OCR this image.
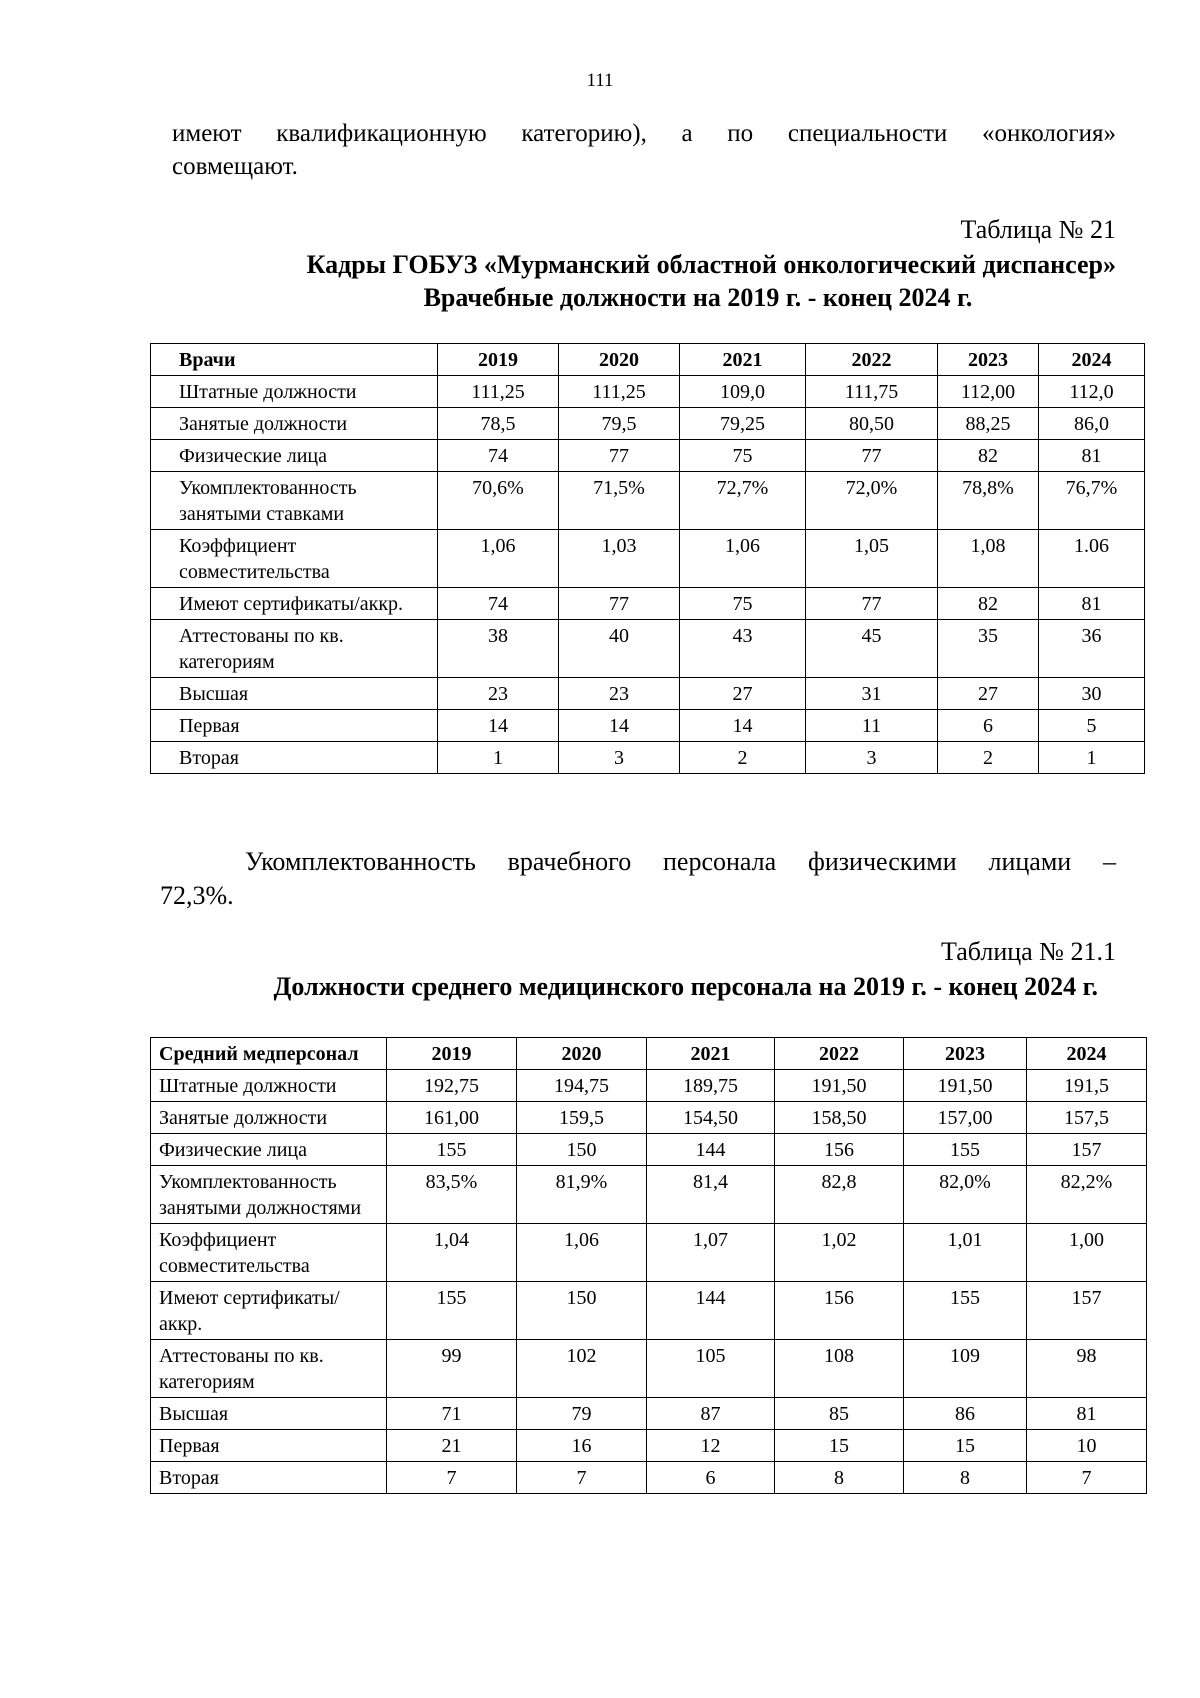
111
имеют квалификационную категорию), а по специальности «онкология»
совмещают.
Таблица № 21
Кадры ГОБУЗ «Мурманский областной онкологический диспансер»
Врачебные должности на 2019 г. - конец 2024 г.
Врачи	2019	2020	2021	2022	2023	2024
Штатные должности	111,25	111,25	109,0	111,75	112,00	112,0
Занятые должности	78,5	79,5	79,25	80,50	88,25	86,0
Физические лица	74	77	75	77	82	81
Укомплектованность занятыми ставками	70,6%	71,5%	72,7%	72,0%	78,8%	76,7%
Коэффициент совместительства	1,06	1,03	1,06	1,05	1,08	1.06
Имеют сертификаты/аккр.	74	77	75	77	82	81
Аттестованы по кв. категориям	38	40	43	45	35	36
Высшая	23	23	27	31	27	30
Первая	14	14	14	11	6	5
Вторая	1	3	2	3	2	1
Укомплектованность врачебного персонала физическими лицами –
72,3%.
Таблица № 21.1
Должности среднего медицинского персонала на 2019 г. - конец 2024 г.
Средний медперсонал	2019	2020	2021	2022	2023	2024
Штатные должности	192,75	194,75	189,75	191,50	191,50	191,5
Занятые должности	161,00	159,5	154,50	158,50	157,00	157,5
Физические лица	155	150	144	156	155	157
Укомплектованность занятыми должностями	83,5%	81,9%	81,4	82,8	82,0%	82,2%
Коэффициент совместительства	1,04	1,06	1,07	1,02	1,01	1,00
Имеют сертификаты/аккр.	155	150	144	156	155	157
Аттестованы по кв. категориям	99	102	105	108	109	98
Высшая	71	79	87	85	86	81
Первая	21	16	12	15	15	10
Вторая	7	7	6	8	8	7
